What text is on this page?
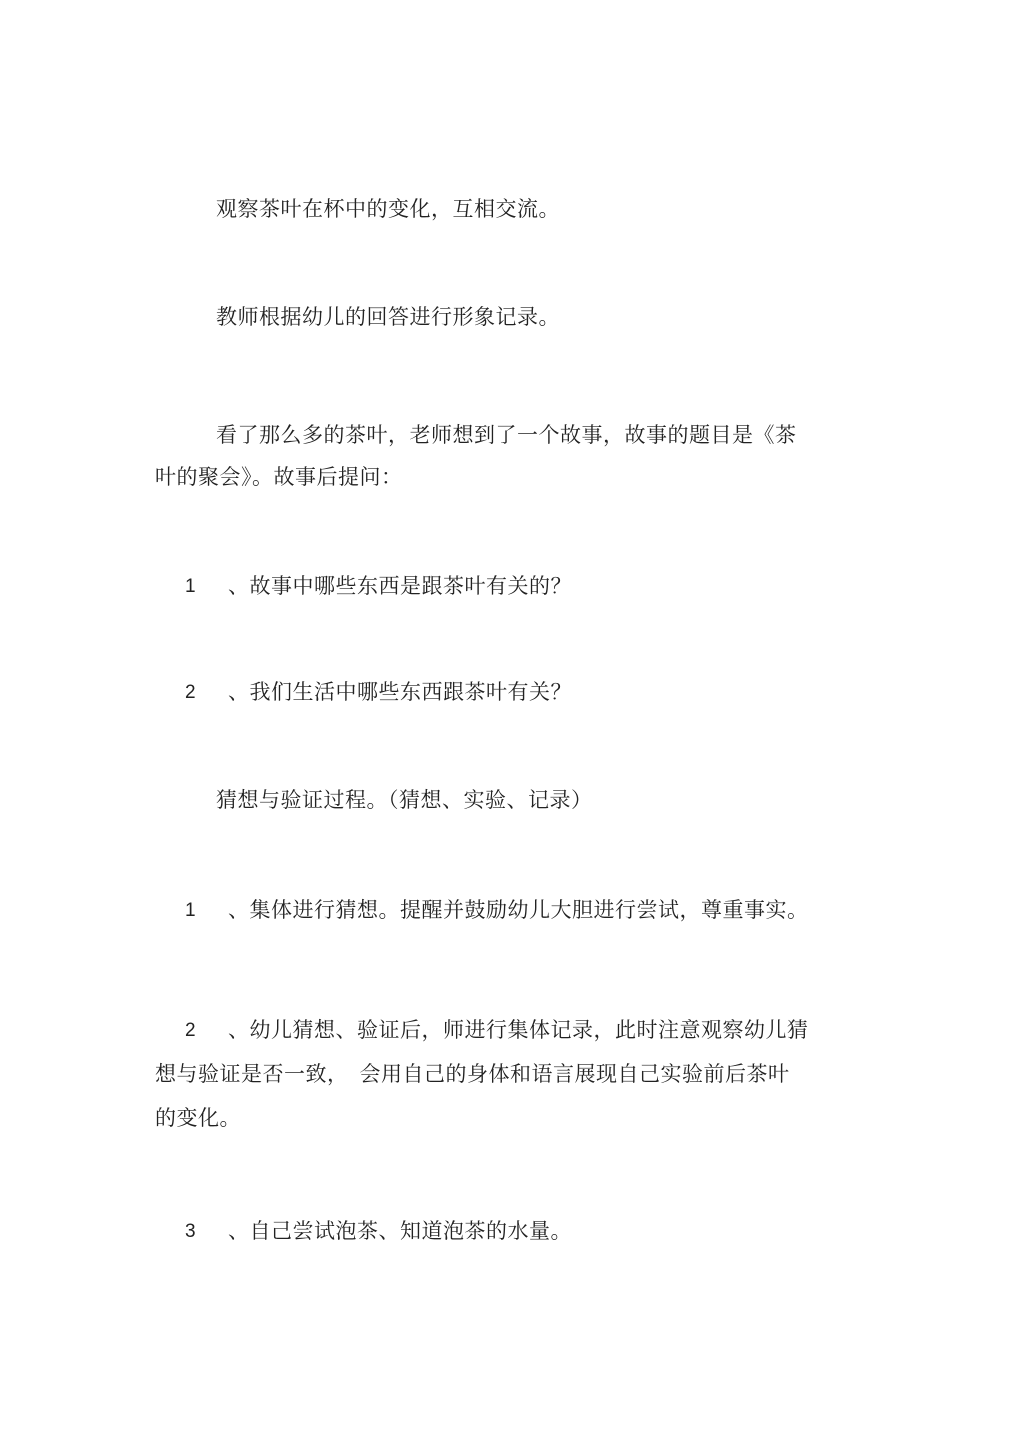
观察茶叶在杯中的变化，互相交流。
教师根据幼儿的回答进行形象记录。
看了那么多的茶叶，老师想到了一个故事，故事的题目是《茶
叶的聚会》。故事后提问：
1 、故事中哪些东西是跟茶叶有关的？
2 、我们生活中哪些东西跟茶叶有关？
猜想与验证过程。（猜想、实验、记录）
1 、集体进行猜想。提醒并鼓励幼儿大胆进行尝试，尊重事实。
2 、幼儿猜想、验证后，师进行集体记录，此时注意观察幼儿猜
想与验证是否一致，　会用自己的身体和语言展现自己实验前后茶叶
的变化。
3 、自己尝试泡茶、知道泡茶的水量。
